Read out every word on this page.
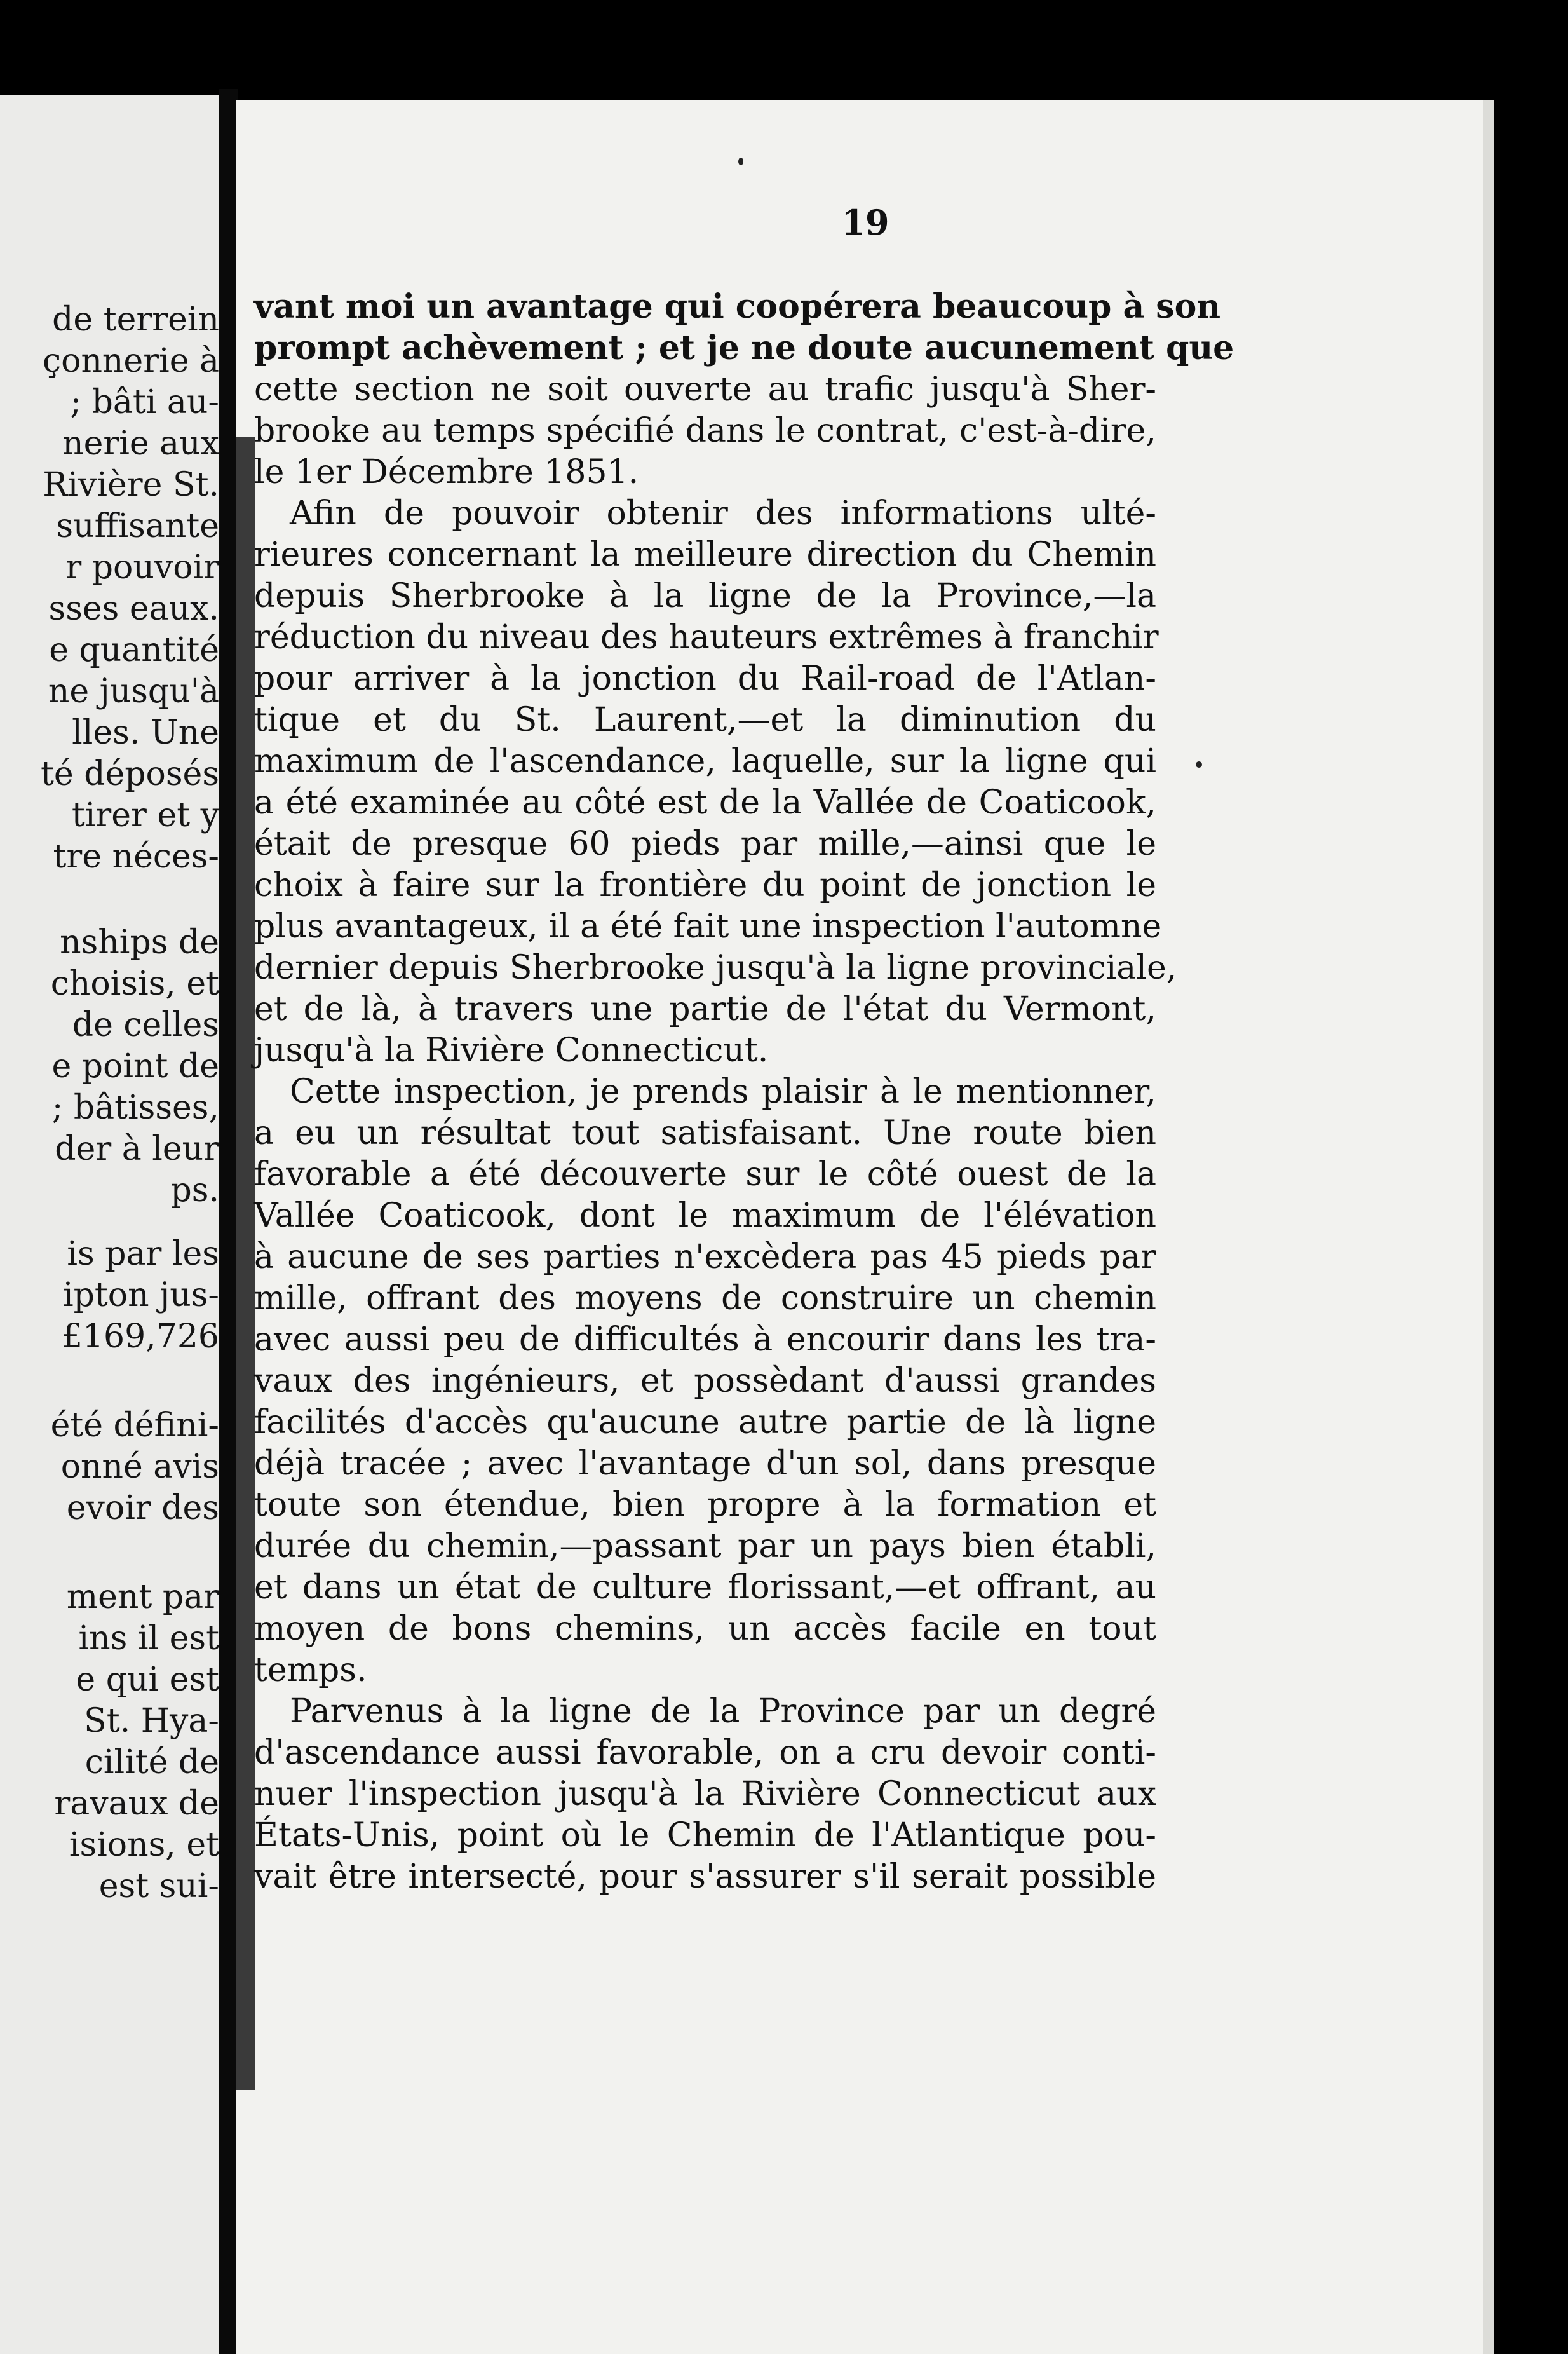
de terrein
çonnerie à
; bâti au-
nerie aux
Rivière St.
suffisante
r pouvoir
sses eaux.
e quantité
ne jusqu'à
lles. Une
té déposés
tirer et y
tre néces-
nships de
choisis, et
de celles
e point de
; bâtisses,
der à leur
ps.
is par les
ipton jus-
£169,726
été défini-
onné avis
evoir des
ment par
ins il est
e qui est
St. Hya-
cilité de
ravaux de
isions, et
est sui-
19
vant moi un avantage qui coopérera beaucoup à son
prompt achèvement ; et je ne doute aucunement que
cette section ne soit ouverte au trafic jusqu'à Sher-
brooke au temps spécifié dans le contrat, c'est-à-dire,
le 1er Décembre 1851.
Afin de pouvoir obtenir des informations ulté-
rieures concernant la meilleure direction du Chemin
depuis Sherbrooke à la ligne de la Province,—la
réduction du niveau des hauteurs extrêmes à franchir
pour arriver à la jonction du Rail-road de l'Atlan-
tique et du St. Laurent,—et la diminution du
maximum de l'ascendance, laquelle, sur la ligne qui
a été examinée au côté est de la Vallée de Coaticook,
était de presque 60 pieds par mille,—ainsi que le
choix à faire sur la frontière du point de jonction le
plus avantageux, il a été fait une inspection l'automne
dernier depuis Sherbrooke jusqu'à la ligne provinciale,
et de là, à travers une partie de l'état du Vermont,
jusqu'à la Rivière Connecticut.
Cette inspection, je prends plaisir à le mentionner,
a eu un résultat tout satisfaisant. Une route bien
favorable a été découverte sur le côté ouest de la
Vallée Coaticook, dont le maximum de l'élévation
à aucune de ses parties n'excèdera pas 45 pieds par
mille, offrant des moyens de construire un chemin
avec aussi peu de difficultés à encourir dans les tra-
vaux des ingénieurs, et possèdant d'aussi grandes
facilités d'accès qu'aucune autre partie de là ligne
déjà tracée ; avec l'avantage d'un sol, dans presque
toute son étendue, bien propre à la formation et
durée du chemin,—passant par un pays bien établi,
et dans un état de culture florissant,—et offrant, au
moyen de bons chemins, un accès facile en tout
temps.
Parvenus à la ligne de la Province par un degré
d'ascendance aussi favorable, on a cru devoir conti-
nuer l'inspection jusqu'à la Rivière Connecticut aux
États-Unis, point où le Chemin de l'Atlantique pou-
vait être intersecté, pour s'assurer s'il serait possible
